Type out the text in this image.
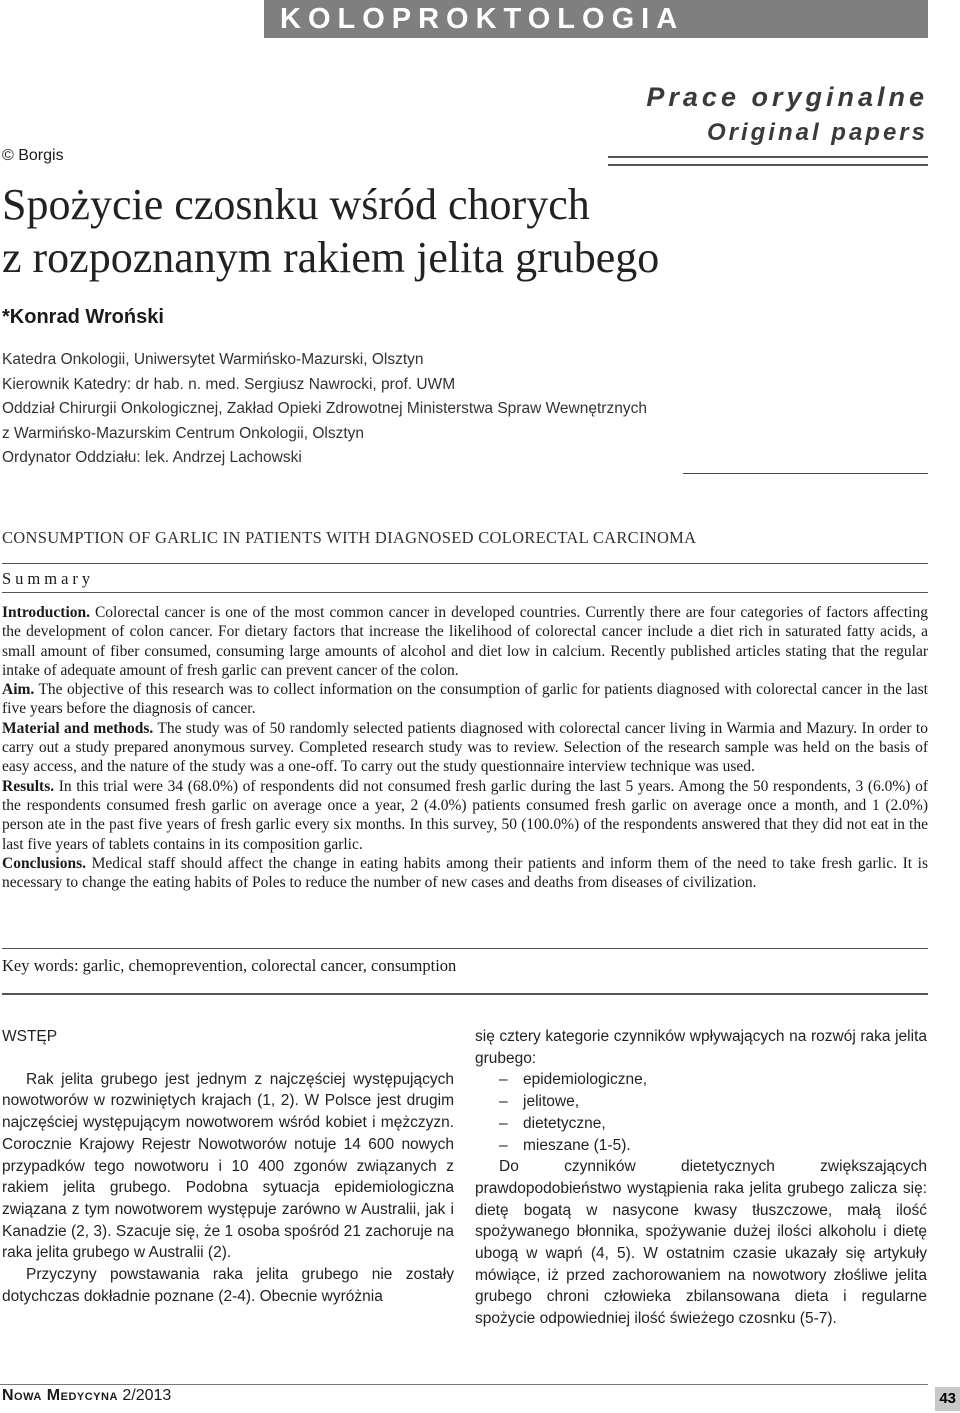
KOLOPROKTOLOGIA
© Borgis
Prace oryginalne
Original papers
Spożycie czosnku wśród chorych
z rozpoznanym rakiem jelita grubego
*Konrad Wroński
Katedra Onkologii, Uniwersytet Warmińsko-Mazurski, Olsztyn
Kierownik Katedry: dr hab. n. med. Sergiusz Nawrocki, prof. UWM
Oddział Chirurgii Onkologicznej, Zakład Opieki Zdrowotnej Ministerstwa Spraw Wewnętrznych
z Warmińsko-Mazurskim Centrum Onkologii, Olsztyn
Ordynator Oddziału: lek. Andrzej Lachowski
CONSUMPTION OF GARLIC IN PATIENTS WITH DIAGNOSED COLORECTAL CARCINOMA
Summary

Introduction. Colorectal cancer is one of the most common cancer in developed countries. Currently there are four categories of factors affecting the development of colon cancer. For dietary factors that increase the likelihood of colorectal cancer include a diet rich in saturated fatty acids, a small amount of fiber consumed, consuming large amounts of alcohol and diet low in calcium. Recently published articles stating that the regular intake of adequate amount of fresh garlic can prevent cancer of the colon.

Aim. The objective of this research was to collect information on the consumption of garlic for patients diagnosed with colorectal cancer in the last five years before the diagnosis of cancer.

Material and methods. The study was of 50 randomly selected patients diagnosed with colorectal cancer living in Warmia and Mazury. In order to carry out a study prepared anonymous survey. Completed research study was to review. Selection of the research sample was held on the basis of easy access, and the nature of the study was a one-off. To carry out the study questionnaire interview technique was used.

Results. In this trial were 34 (68.0%) of respondents did not consumed fresh garlic during the last 5 years. Among the 50 respondents, 3 (6.0%) of the respondents consumed fresh garlic on average once a year, 2 (4.0%) patients consumed fresh garlic on average once a month, and 1 (2.0%) person ate in the past five years of fresh garlic every six months. In this survey, 50 (100.0%) of the respondents answered that they did not eat in the last five years of tablets contains in its composition garlic.

Conclusions. Medical staff should affect the change in eating habits among their patients and inform them of the need to take fresh garlic. It is necessary to change the eating habits of Poles to reduce the number of new cases and deaths from diseases of civilization.

Key words: garlic, chemoprevention, colorectal cancer, consumption

WSTĘP

Rak jelita grubego jest jednym z najczęściej występujących nowotworów w rozwiniętych krajach (1, 2). W Polsce jest drugim najczęściej występującym nowotworem wśród kobiet i mężczyzn. Corocznie Krajowy Rejestr Nowotworów notuje 14 600 nowych przypadków tego nowotworu i 10 400 zgonów związanych z rakiem jelita grubego. Podobna sytuacja epidemiologiczna związana z tym nowotworem występuje zarówno w Australii, jak i Kanadzie (2, 3). Szacuje się, że 1 osoba spośród 21 zachoruje na raka jelita grubego w Australii (2).

Przyczyny powstawania raka jelita grubego nie zostały dotychczas dokładnie poznane (2-4). Obecnie wyróżnia

się cztery kategorie czynników wpływających na rozwój raka jelita grubego:

– epidemiologiczne,
– jelitowe,
– dietetyczne,
– mieszane (1-5).

Do czynników dietetycznych zwiększających prawdopodobieństwo wystąpienia raka jelita grubego zalicza się: dietę bogatą w nasycone kwasy tłuszczowe, małą ilość spożywanego błonnika, spożywanie dużej ilości alkoholu i dietę ubogą w wapń (4, 5). W ostatnim czasie ukazały się artykuły mówiące, iż przed zachorowaniem na nowotwory złośliwe jelita grubego chroni człowieka zbilansowana dieta i regularne spożycie odpowiedniej ilość świeżego czosnku (5-7).

Nowa Medycyna 2/2013	43
